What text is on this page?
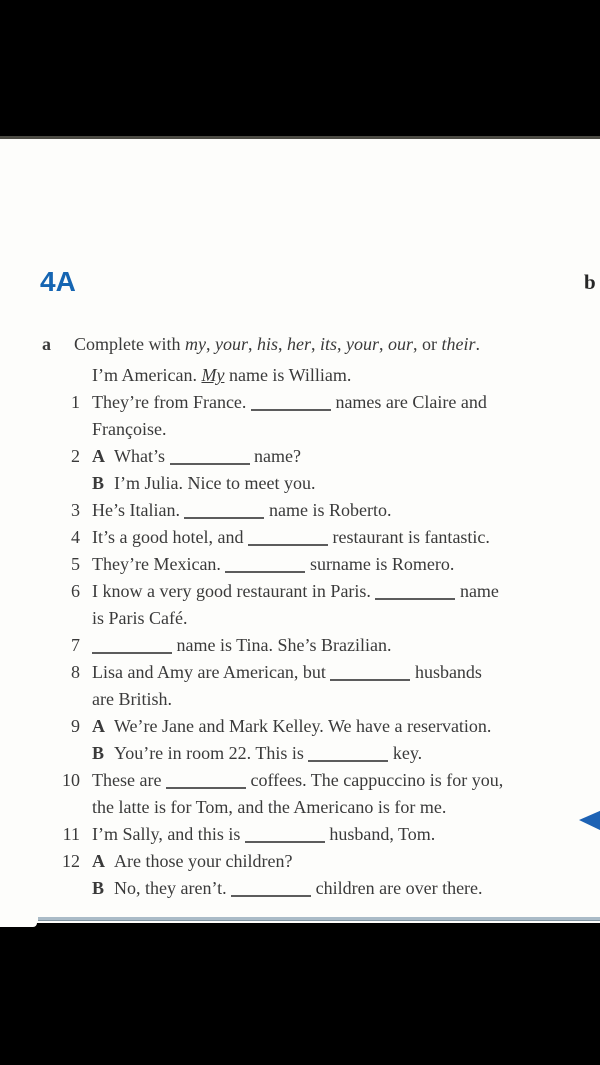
4A	b
a	Complete with my, your, his, her, its, your, our, or their.
I’m American. My name is William.
1 They’re from France.	names are Claire and
Françoise.
2 A What’s	name?
B I’m Julia. Nice to meet you.
3 He’s Italian.	name is Roberto.
4 It’s a good hotel, and	restaurant is fantastic.
5 They’re Mexican.	surname is Romero.
6 I know a very good restaurant in Paris.	name
is Paris Café.
7	name is Tina. She’s Brazilian.
8 Lisa and Amy are American, but	husbands
are British.
9 A We’re Jane and Mark Kelley. We have a reservation.
B You’re in room 22. This is	key.
10 These are	coffees. The cappuccino is for you,
the latte is for Tom, and the Americano is for me.
11 I’m Sally, and this is	husband, Tom.
12 A Are those your children?
B No, they aren’t.	children are over there.
